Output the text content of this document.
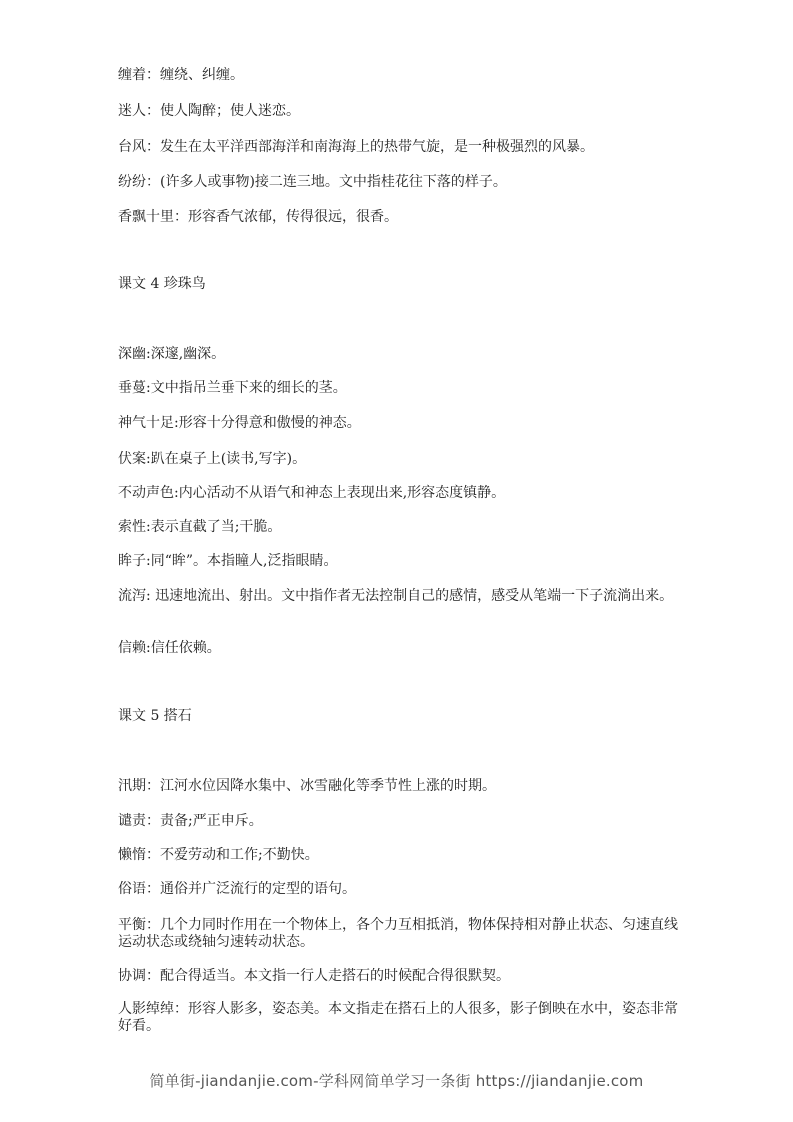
缠着：缠绕、纠缠。

迷人：使人陶醉；使人迷恋。

台风：发生在太平洋西部海洋和南海海上的热带气旋，是一种极强烈的风暴。

纷纷：(许多人或事物)接二连三地。文中指桂花往下落的样子。

香飘十里：形容香气浓郁，传得很远，很香。

课文 4 珍珠鸟

深幽:深邃,幽深。

垂蔓:文中指吊兰垂下来的细长的茎。

神气十足:形容十分得意和傲慢的神态。

伏案:趴在桌子上(读书,写字)。

不动声色:内心活动不从语气和神态上表现出来,形容态度镇静。

索性:表示直截了当;干脆。

眸子:同“眸”。本指瞳人,泛指眼睛。

流泻: 迅速地流出、射出。文中指作者无法控制自己的感情，感受从笔端一下子流淌出来。

信赖:信任依赖。

课文 5 搭石

汛期：江河水位因降水集中、冰雪融化等季节性上涨的时期。

谴责：责备;严正申斥。

懒惰：不爱劳动和工作;不勤快。

俗语：通俗并广泛流行的定型的语句。

平衡：几个力同时作用在一个物体上，各个力互相抵消，物体保持相对静止状态、匀速直线运动状态或绕轴匀速转动状态。

协调：配合得适当。本文指一行人走搭石的时候配合得很默契。

人影绰绰：形容人影多，姿态美。本文指走在搭石上的人很多，影子倒映在水中，姿态非常好看。

简单街-jiandanjie.com-学科网简单学习一条街 https://jiandanjie.com
